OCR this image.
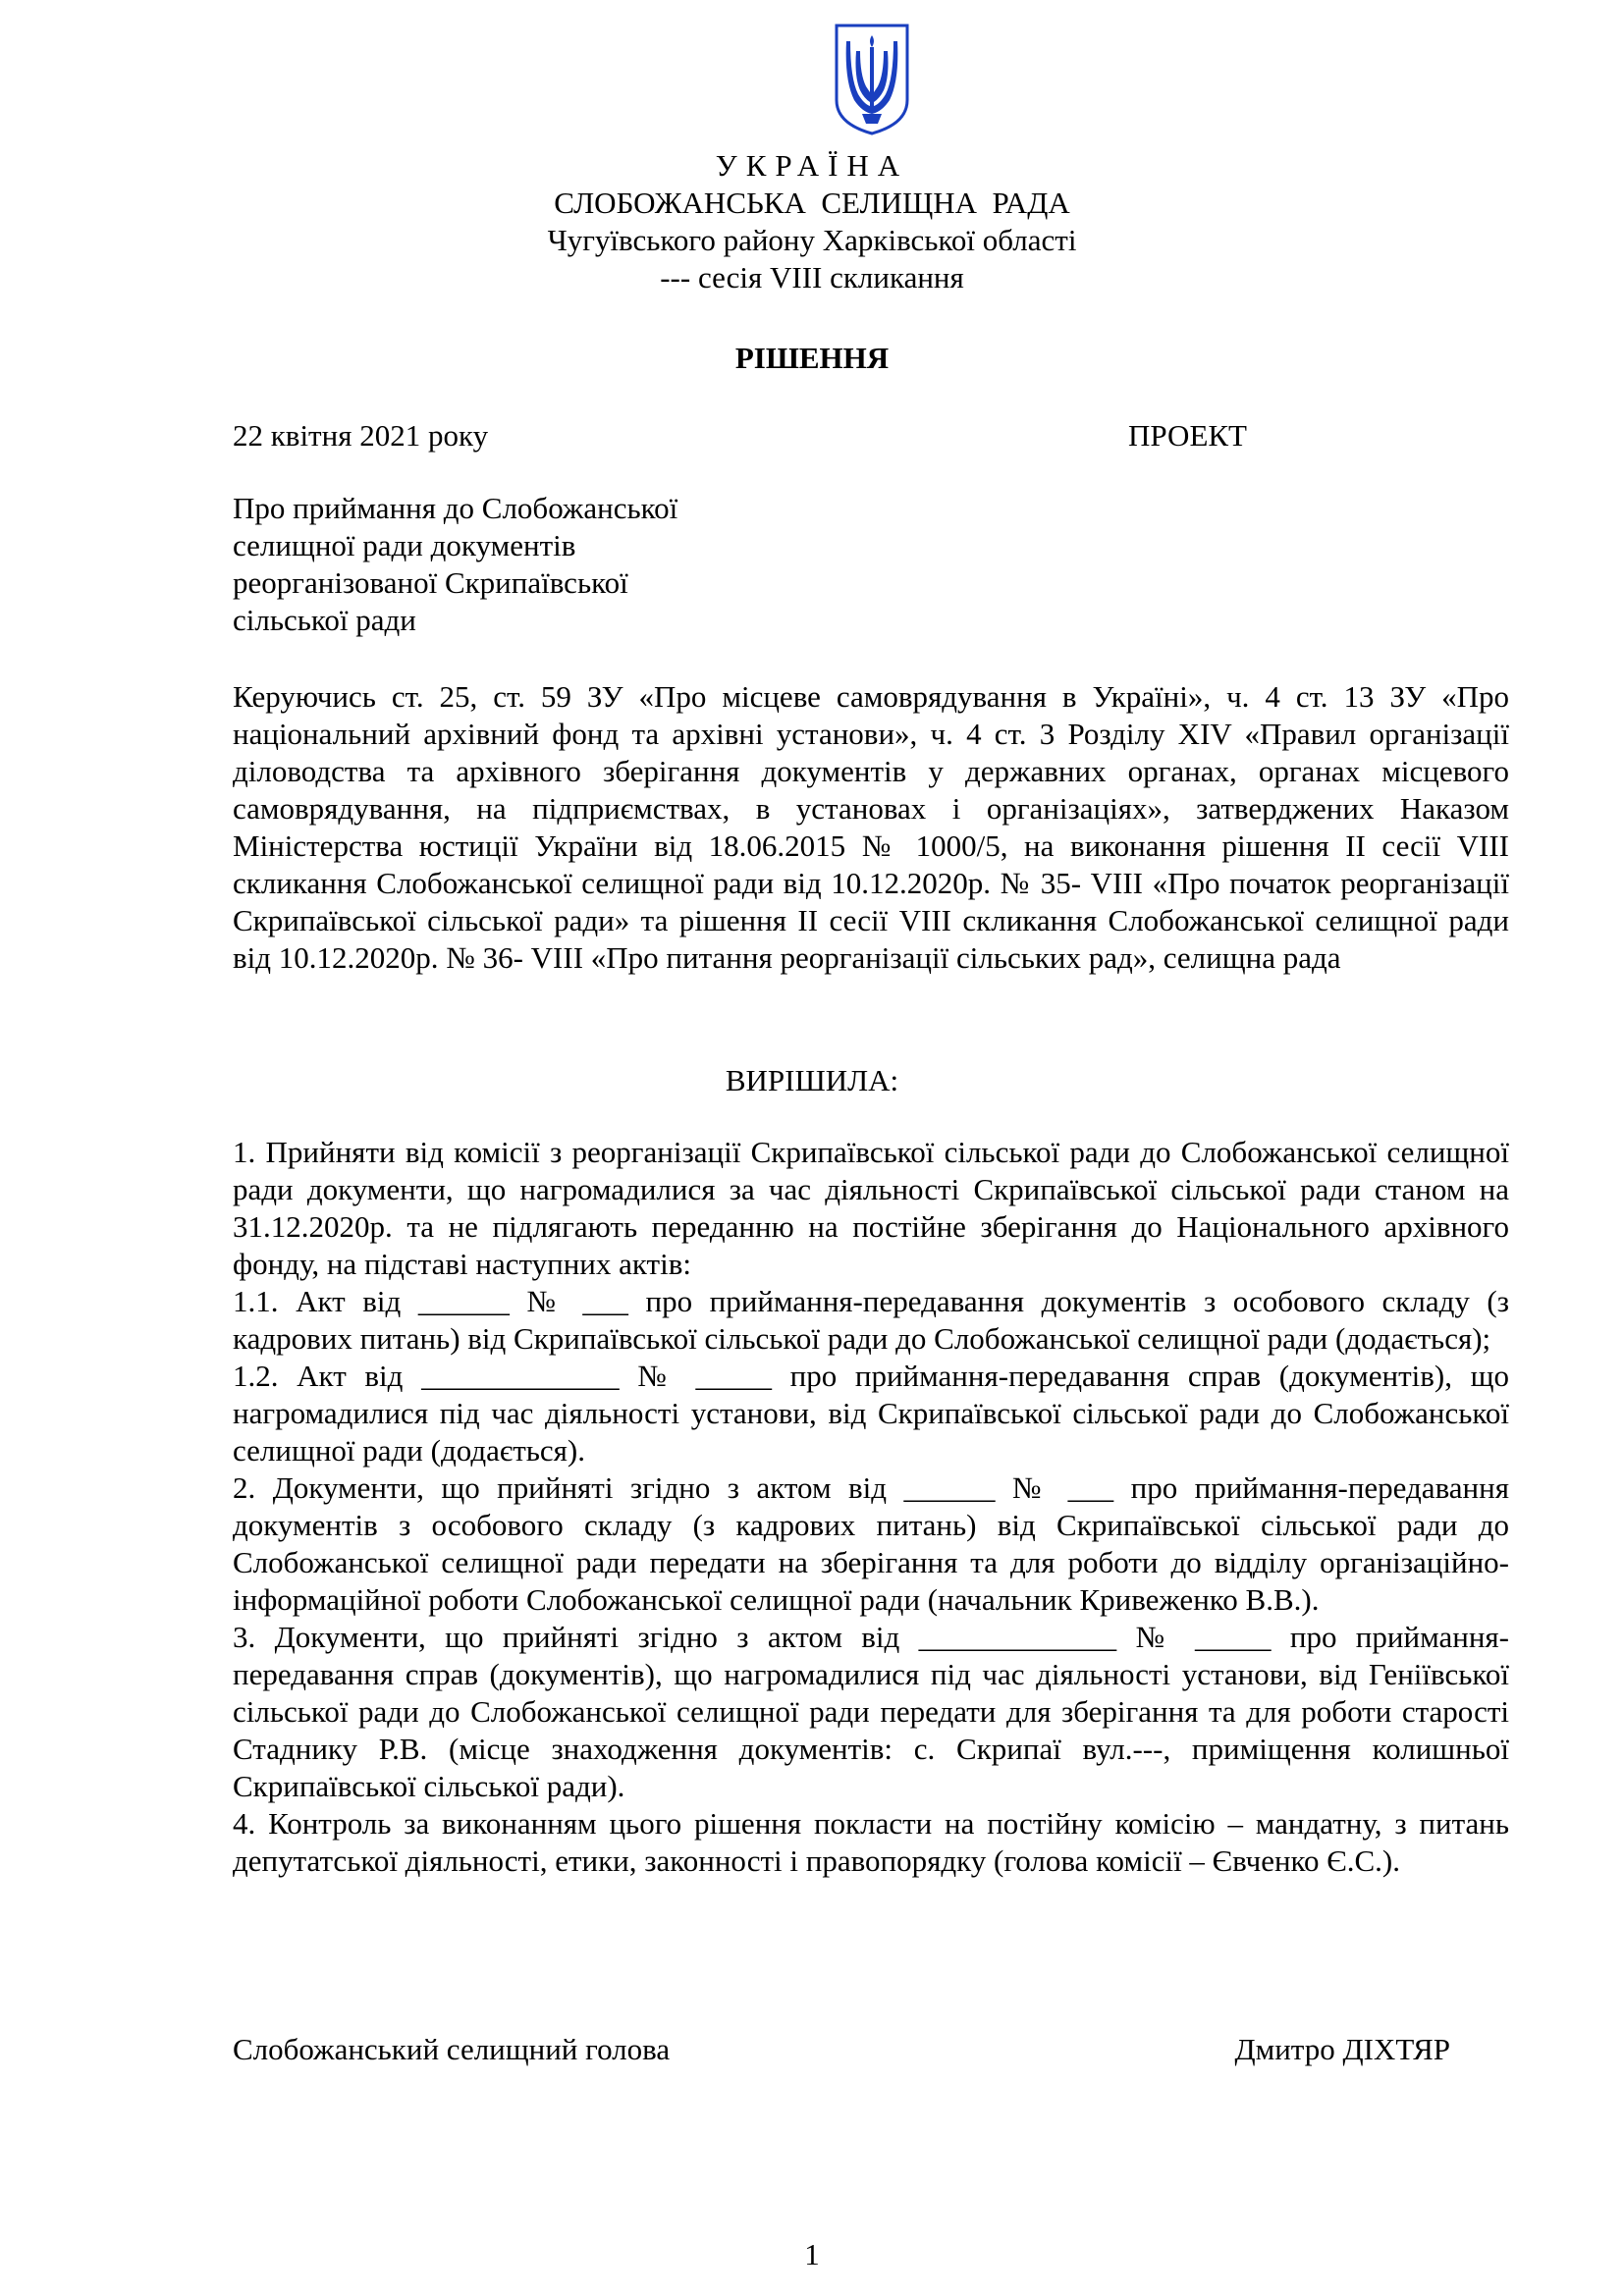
УКРАЇНА
СЛОБОЖАНСЬКА  СЕЛИЩНА  РАДА
Чугуївського району Харківської області
--- сесія VIII скликання
РІШЕННЯ
22 квітня 2021 року	ПРОЕКТ
Про приймання до Слобожанської
селищної ради документів
реорганізованої Скрипаївської
сільської ради

Керуючись ст. 25, ст. 59 ЗУ «Про місцеве самоврядування в Україні», ч. 4 ст. 13 ЗУ «Про національний архівний фонд та архівні установи», ч. 4 ст. 3 Розділу XIV «Правил організації діловодства та архівного зберігання документів у державних органах, органах місцевого самоврядування, на підприємствах, в установах і організаціях», затверджених Наказом Міністерства юстиції України від 18.06.2015 № 1000/5, на виконання рішення ІІ сесії VIII скликання Слобожанської селищної ради від 10.12.2020р. № 35- VIII «Про початок реорганізації Скрипаївської сільської ради» та рішення ІІ сесії VIII скликання Слобожанської селищної ради від 10.12.2020р. № 36- VIII «Про питання реорганізації сільських рад», селищна рада

ВИРІШИЛА:

1. Прийняти від комісії з реорганізації Скрипаївської сільської ради до Слобожанської селищної ради документи, що нагромадилися за час діяльності Скрипаївської сільської ради станом на 31.12.2020р. та не підлягають переданню на постійне зберігання до Національного архівного фонду, на підставі наступних актів:

1.1. Акт від ______ № ___ про приймання-передавання документів з особового складу (з кадрових питань) від Скрипаївської сільської ради до Слобожанської селищної ради (додається);

1.2. Акт від _____________ № _____ про приймання-передавання справ (документів), що нагромадилися під час діяльності установи, від Скрипаївської сільської ради до Слобожанської селищної ради (додається).

2. Документи, що прийняті згідно з актом від ______ № ___ про приймання-передавання документів з особового складу (з кадрових питань) від Скрипаївської сільської ради до Слобожанської селищної ради передати на зберігання та для роботи до відділу організаційно-інформаційної роботи Слобожанської селищної ради (начальник Кривеженко В.В.).

3. Документи, що прийняті згідно з актом від _____________ № _____ про приймання-передавання справ (документів), що нагромадилися під час діяльності установи, від Геніївської сільської ради до Слобожанської селищної ради передати для зберігання та для роботи старості Стаднику Р.В. (місце знаходження документів: с. Скрипаї вул.---, приміщення колишньої Скрипаївської сільської ради).

4. Контроль за виконанням цього рішення покласти на постійну комісію – мандатну, з питань депутатської діяльності, етики, законності і правопорядку (голова комісії – Євченко Є.С.).

Слобожанський селищний голова	Дмитро ДІХТЯР
1
